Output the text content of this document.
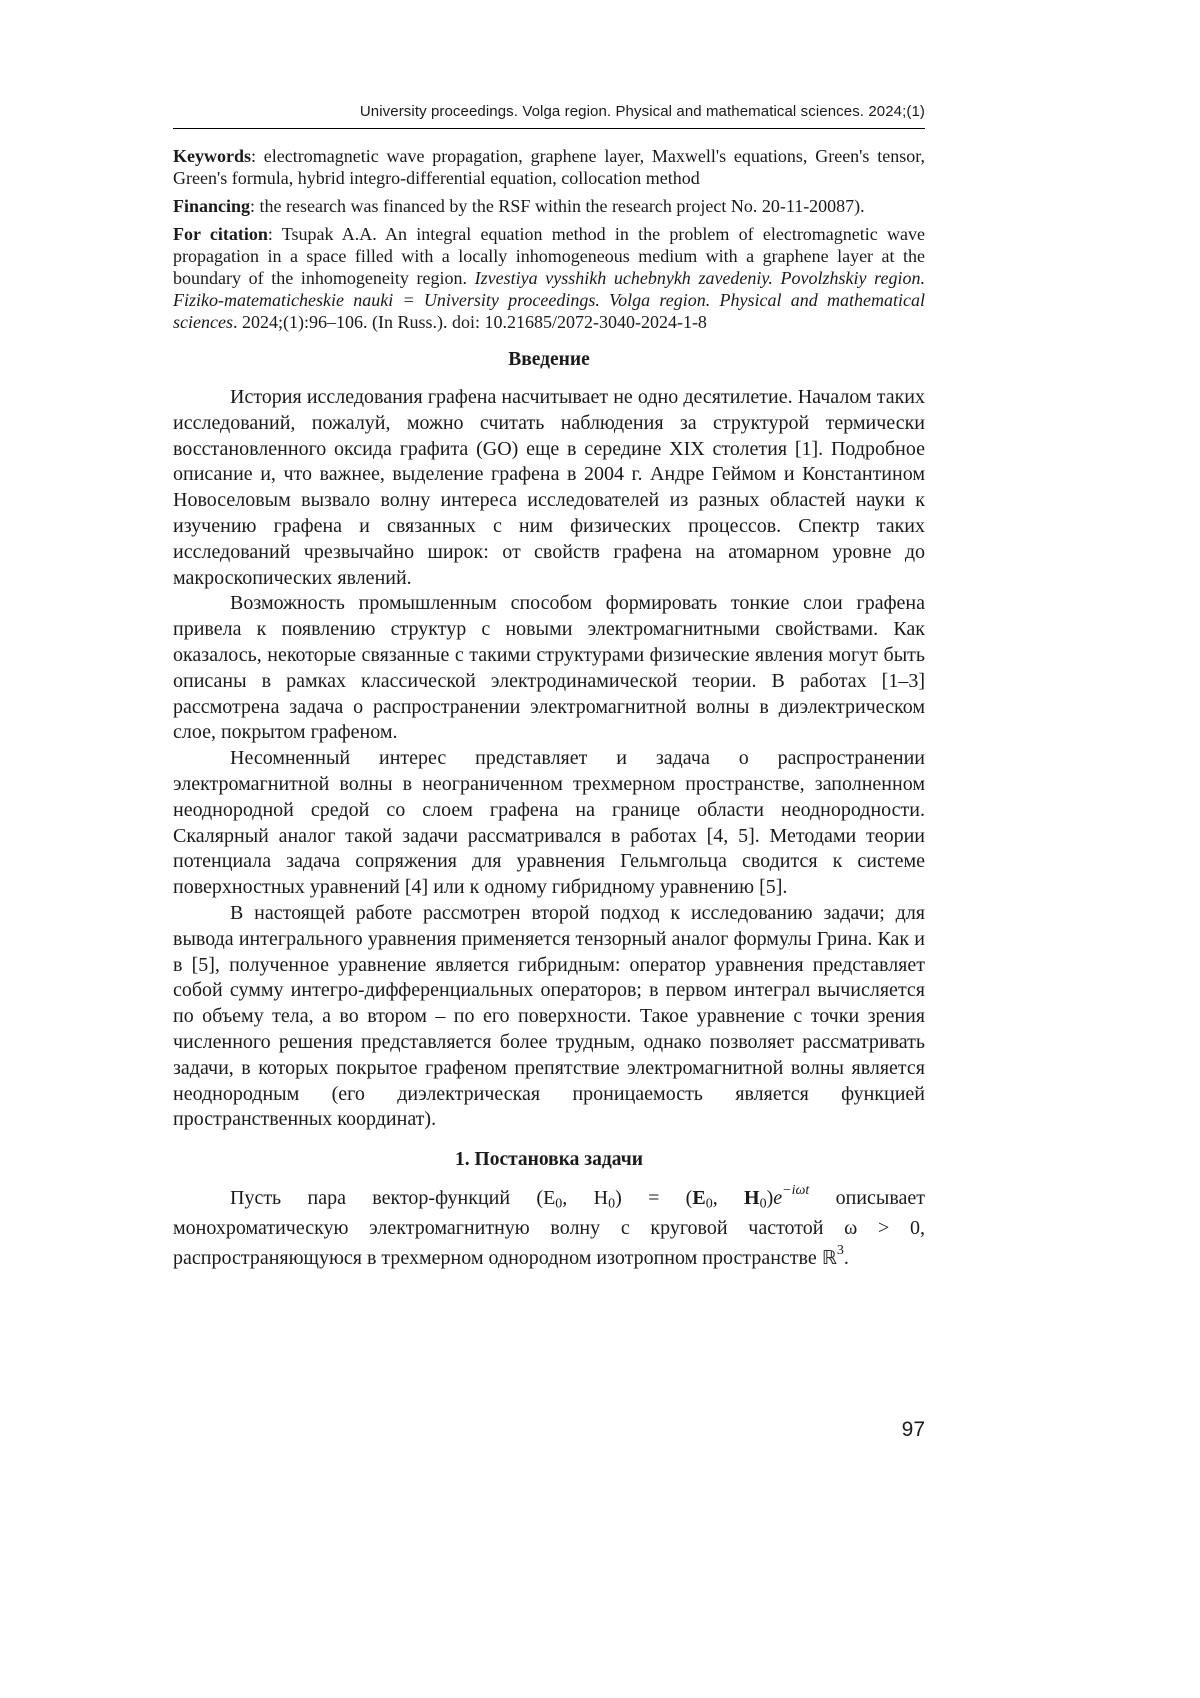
University proceedings. Volga region. Physical and mathematical sciences. 2024;(1)

Keywords: electromagnetic wave propagation, graphene layer, Maxwell's equations, Green's tensor, Green's formula, hybrid integro-differential equation, collocation method

Financing: the research was financed by the RSF within the research project No. 20-11-20087).

For citation: Tsupak A.A. An integral equation method in the problem of electromagnetic wave propagation in a space filled with a locally inhomogeneous medium with a graphene layer at the boundary of the inhomogeneity region. Izvestiya vysshikh uchebnykh zavedeniy. Povolzhskiy region. Fiziko-matematicheskie nauki = University proceedings. Volga region. Physical and mathematical sciences. 2024;(1):96–106. (In Russ.). doi: 10.21685/2072-3040-2024-1-8

Введение

История исследования графена насчитывает не одно десятилетие. Началом таких исследований, пожалуй, можно считать наблюдения за структурой термически восстановленного оксида графита (GO) еще в середине XIX столетия [1]. Подробное описание и, что важнее, выделение графена в 2004 г. Андре Геймом и Константином Новоселовым вызвало волну интереса исследователей из разных областей науки к изучению графена и связанных с ним физических процессов. Спектр таких исследований чрезвычайно широк: от свойств графена на атомарном уровне до макроскопических явлений.

Возможность промышленным способом формировать тонкие слои графена привела к появлению структур с новыми электромагнитными свойствами. Как оказалось, некоторые связанные с такими структурами физические явления могут быть описаны в рамках классической электродинамической теории. В работах [1–3] рассмотрена задача о распространении электромагнитной волны в диэлектрическом слое, покрытом графеном.

Несомненный интерес представляет и задача о распространении электромагнитной волны в неограниченном трехмерном пространстве, заполненном неоднородной средой со слоем графена на границе области неоднородности. Скалярный аналог такой задачи рассматривался в работах [4, 5]. Методами теории потенциала задача сопряжения для уравнения Гельмгольца сводится к системе поверхностных уравнений [4] или к одному гибридному уравнению [5].

В настоящей работе рассмотрен второй подход к исследованию задачи; для вывода интегрального уравнения применяется тензорный аналог формулы Грина. Как и в [5], полученное уравнение является гибридным: оператор уравнения представляет собой сумму интегро-дифференциальных операторов; в первом интеграл вычисляется по объему тела, а во втором – по его поверхности. Такое уравнение с точки зрения численного решения представляется более трудным, однако позволяет рассматривать задачи, в которых покрытое графеном препятствие электромагнитной волны является неоднородным (его диэлектрическая проницаемость является функцией пространственных координат).

1. Постановка задачи

Пусть пара вектор-функций ($E_0$, $H_0) = (E_0$, $H_0)e^{-i\omega t}$ описывает монохроматическую электромагнитную волну с круговой частотой ω > 0, распространяющуюся в трехмерном однородном изотропном пространстве ℝ$^3$.

97
